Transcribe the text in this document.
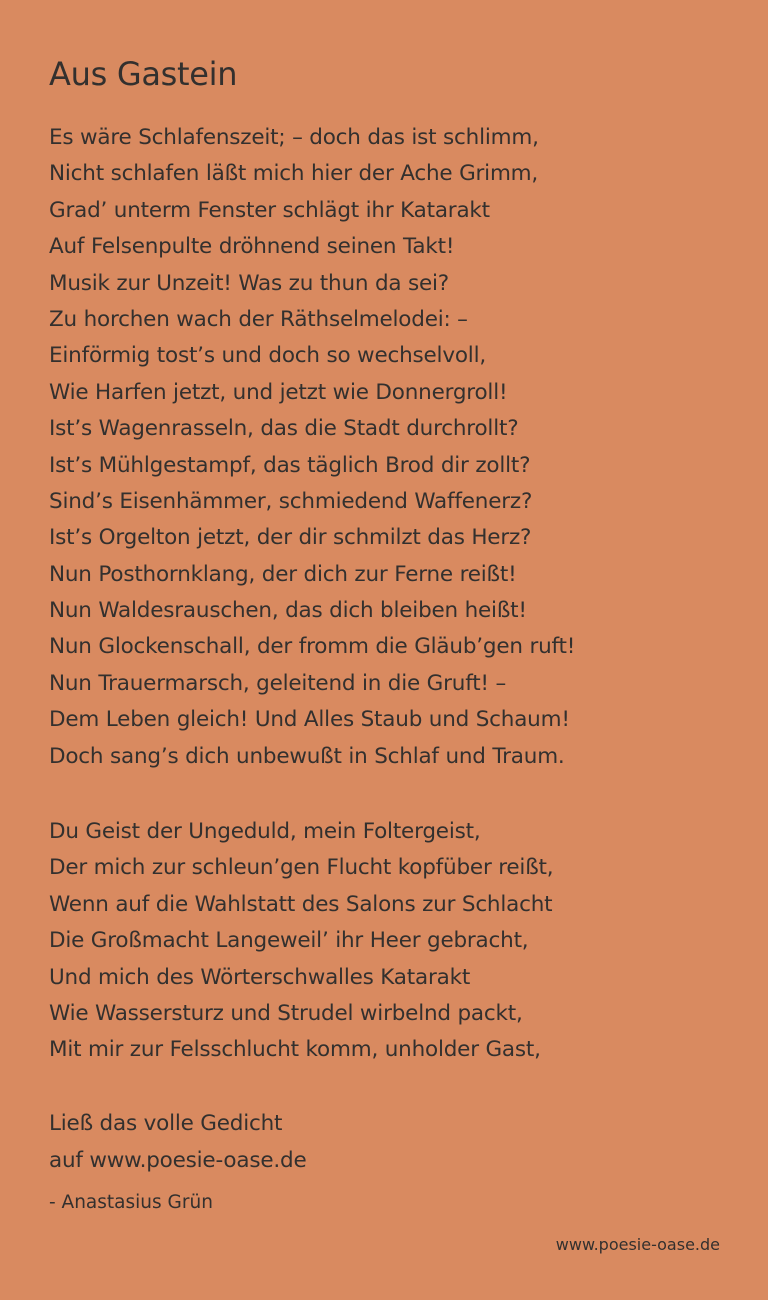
Aus Gastein
Es wäre Schlafenszeit; – doch das ist schlimm,
Nicht schlafen läßt mich hier der Ache Grimm,
Grad’ unterm Fenster schlägt ihr Katarakt
Auf Felsenpulte dröhnend seinen Takt!
Musik zur Unzeit! Was zu thun da sei?
Zu horchen wach der Räthselmelodei: –
Einförmig tost’s und doch so wechselvoll,
Wie Harfen jetzt, und jetzt wie Donnergroll!
Ist’s Wagenrasseln, das die Stadt durchrollt?
Ist’s Mühlgestampf, das täglich Brod dir zollt?
Sind’s Eisenhämmer, schmiedend Waffenerz?
Ist’s Orgelton jetzt, der dir schmilzt das Herz?
Nun Posthornklang, der dich zur Ferne reißt!
Nun Waldesrauschen, das dich bleiben heißt!
Nun Glockenschall, der fromm die Gläub’gen ruft!
Nun Trauermarsch, geleitend in die Gruft! –
Dem Leben gleich! Und Alles Staub und Schaum!
Doch sang’s dich unbewußt in Schlaf und Traum.
Du Geist der Ungeduld, mein Foltergeist,
Der mich zur schleun’gen Flucht kopfüber reißt,
Wenn auf die Wahlstatt des Salons zur Schlacht
Die Großmacht Langeweil’ ihr Heer gebracht,
Und mich des Wörterschwalles Katarakt
Wie Wassersturz und Strudel wirbelnd packt,
Mit mir zur Felsschlucht komm, unholder Gast,
Ließ das volle Gedicht
auf www.poesie-oase.de

- Anastasius Grün

www.poesie-oase.de
